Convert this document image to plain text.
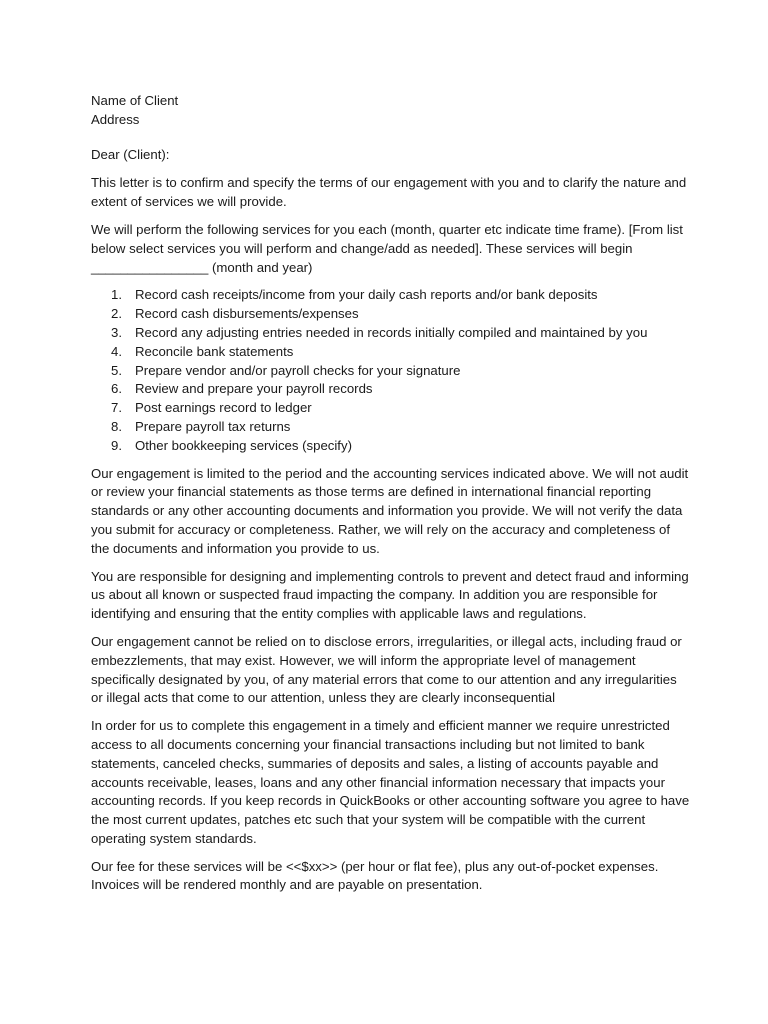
Name of Client
Address

Dear (Client):

This letter is to confirm and specify the terms of our engagement with you and to clarify the nature and extent of services we will provide.

We will perform the following services for you each (month, quarter etc indicate time frame). [From list below select services you will perform and change/add as needed]. These services will begin ________________ (month and year)

1. Record cash receipts/income from your daily cash reports and/or bank deposits
2. Record cash disbursements/expenses
3. Record any adjusting entries needed in records initially compiled and maintained by you
4. Reconcile bank statements
5. Prepare vendor and/or payroll checks for your signature
6. Review and prepare your payroll records
7. Post earnings record to ledger
8. Prepare payroll tax returns
9. Other bookkeeping services (specify)

Our engagement is limited to the period and the accounting services indicated above. We will not audit or review your financial statements as those terms are defined in international financial reporting standards or any other accounting documents and information you provide. We will not verify the data you submit for accuracy or completeness. Rather, we will rely on the accuracy and completeness of the documents and information you provide to us.

You are responsible for designing and implementing controls to prevent and detect fraud and informing us about all known or suspected fraud impacting the company. In addition you are responsible for identifying and ensuring that the entity complies with applicable laws and regulations.

Our engagement cannot be relied on to disclose errors, irregularities, or illegal acts, including fraud or embezzlements, that may exist. However, we will inform the appropriate level of management specifically designated by you, of any material errors that come to our attention and any irregularities or illegal acts that come to our attention, unless they are clearly inconsequential

In order for us to complete this engagement in a timely and efficient manner we require unrestricted access to all documents concerning your financial transactions including but not limited to bank statements, canceled checks, summaries of deposits and sales, a listing of accounts payable and accounts receivable, leases, loans and any other financial information necessary that impacts your accounting records. If you keep records in QuickBooks or other accounting software you agree to have the most current updates, patches etc such that your system will be compatible with the current operating system standards.

Our fee for these services will be <<$xx>> (per hour or flat fee), plus any out-of-pocket expenses. Invoices will be rendered monthly and are payable on presentation.
